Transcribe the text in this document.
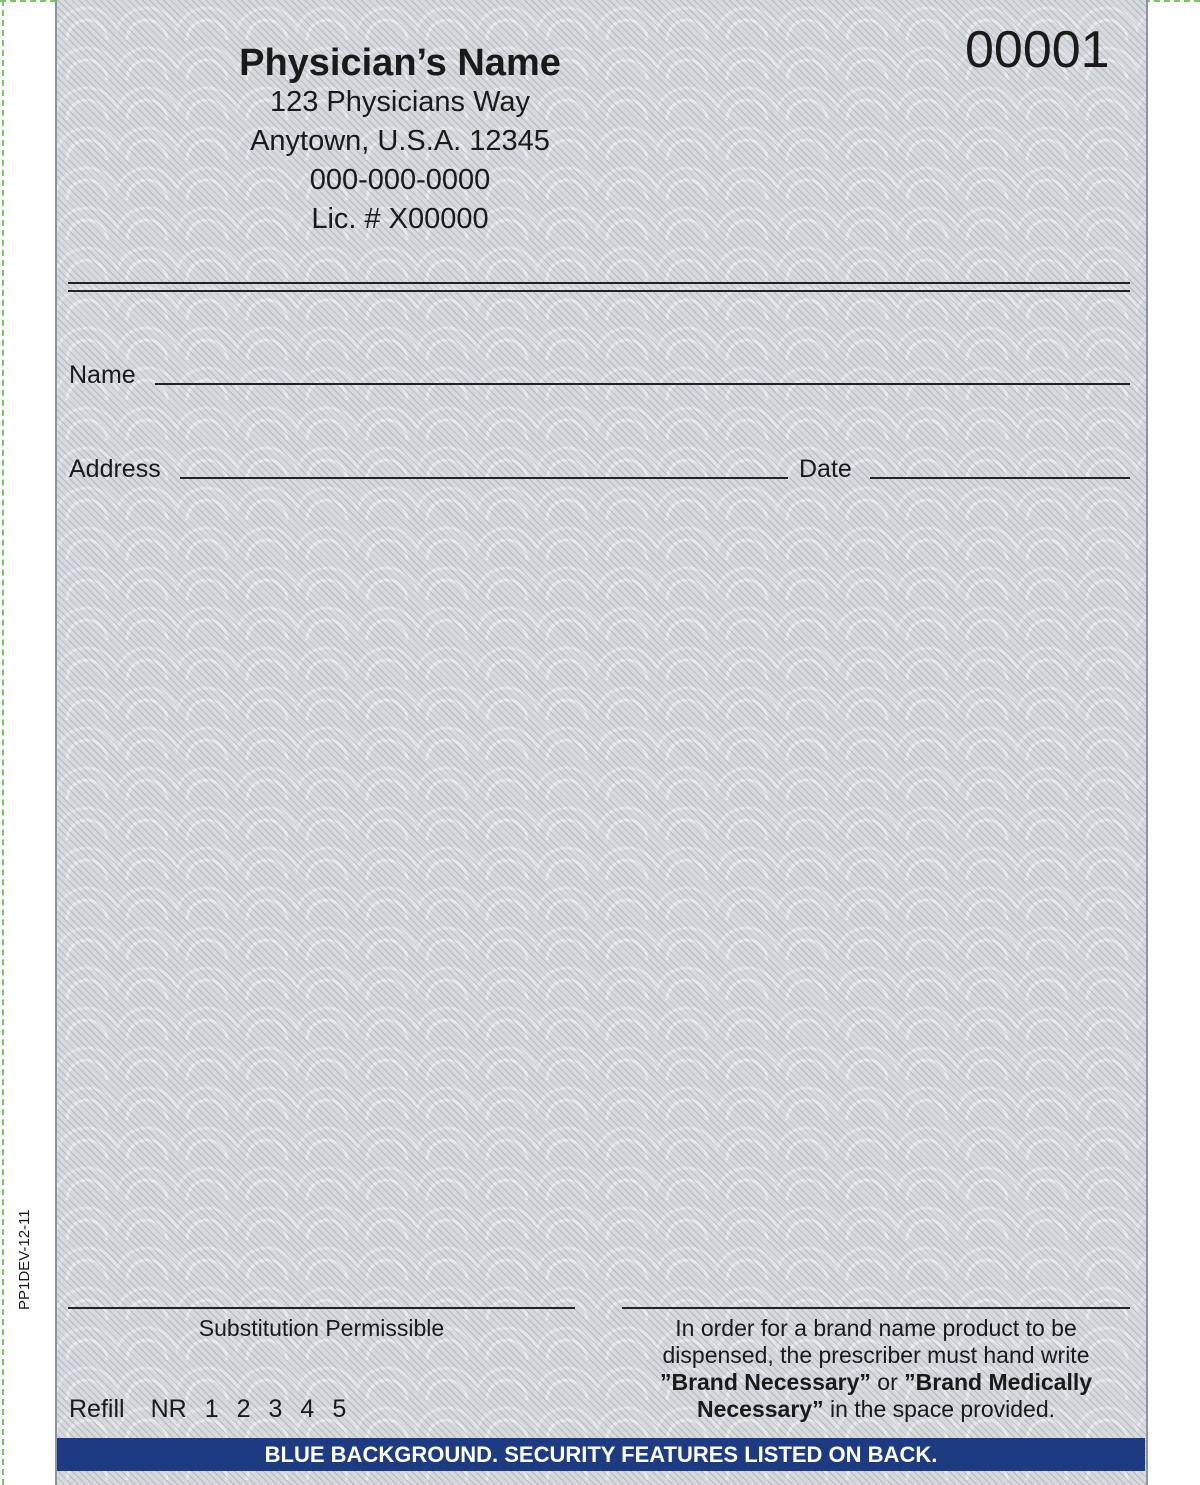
PP1DEV-12-11
00001
Physician’s Name
123 Physicians Way
Anytown, U.S.A. 12345
000-000-0000
Lic. # X00000
Name
Address	Date
Substitution Permissible	In order for a brand name product to be
dispensed, the prescriber must hand write
”Brand Necessary” or ”Brand Medically
Necessary” in the space provided.
Refill NR 1 2 3 4 5
BLUE BACKGROUND. SECURITY FEATURES LISTED ON BACK.
